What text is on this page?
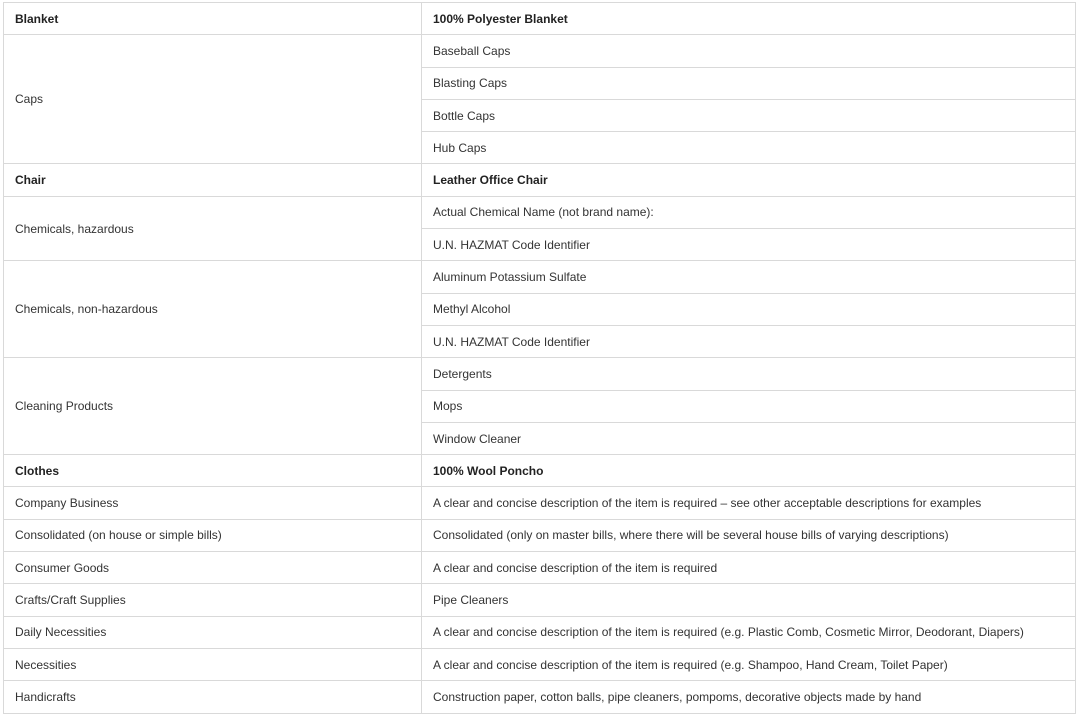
Blanket	100% Polyester Blanket
Caps	Baseball Caps
	Blasting Caps
	Bottle Caps
	Hub Caps
Chair	Leather Office Chair
Chemicals, hazardous	Actual Chemical Name (not brand name):
	U.N. HAZMAT Code Identifier
Chemicals, non-hazardous	Aluminum Potassium Sulfate
	Methyl Alcohol
	U.N. HAZMAT Code Identifier
Cleaning Products	Detergents
	Mops
	Window Cleaner
Clothes	100% Wool Poncho
Company Business	A clear and concise description of the item is required – see other acceptable descriptions for examples
Consolidated (on house or simple bills)	Consolidated (only on master bills, where there will be several house bills of varying descriptions)
Consumer Goods	A clear and concise description of the item is required
Crafts/Craft Supplies	Pipe Cleaners
Daily Necessities	A clear and concise description of the item is required (e.g. Plastic Comb, Cosmetic Mirror, Deodorant, Diapers)
Necessities	A clear and concise description of the item is required (e.g. Shampoo, Hand Cream, Toilet Paper)
Handicrafts	Construction paper, cotton balls, pipe cleaners, pompoms, decorative objects made by hand
